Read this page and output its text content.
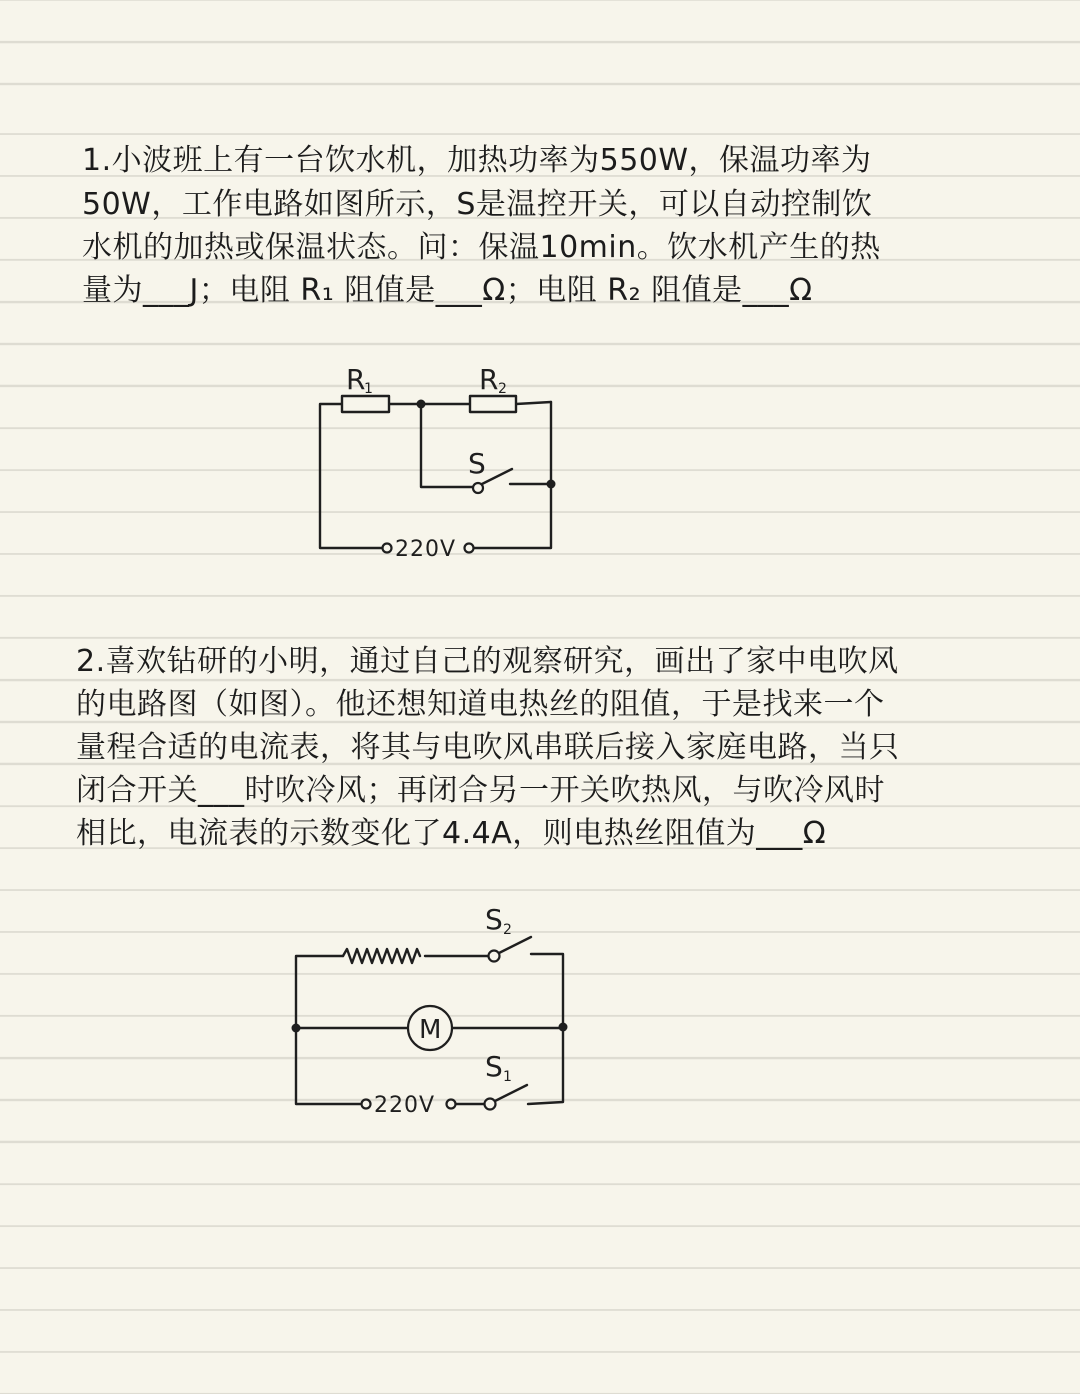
1.小波班上有一台饮水机，加热功率为550W，保温功率为
50W，工作电路如图所示，S是温控开关，可以自动控制饮
水机的加热或保温状态。问：保温10min。饮水机产生的热
量为___J；电阻 R₁ 阻值是___Ω；电阻 R₂ 阻值是___Ω
R
1	R 2
S
220V
2.喜欢钻研的小明，通过自己的观察研究，画出了家中电吹风
的电路图（如图）。他还想知道电热丝的阻值，于是找来一个
量程合适的电流表，将其与电吹风串联后接入家庭电路，当只
闭合开关___时吹冷风；再闭合另一开关吹热风，与吹冷风时
相比，电流表的示数变化了4.4A，则电热丝阻值为___Ω
M
220V
S 2
S 1
